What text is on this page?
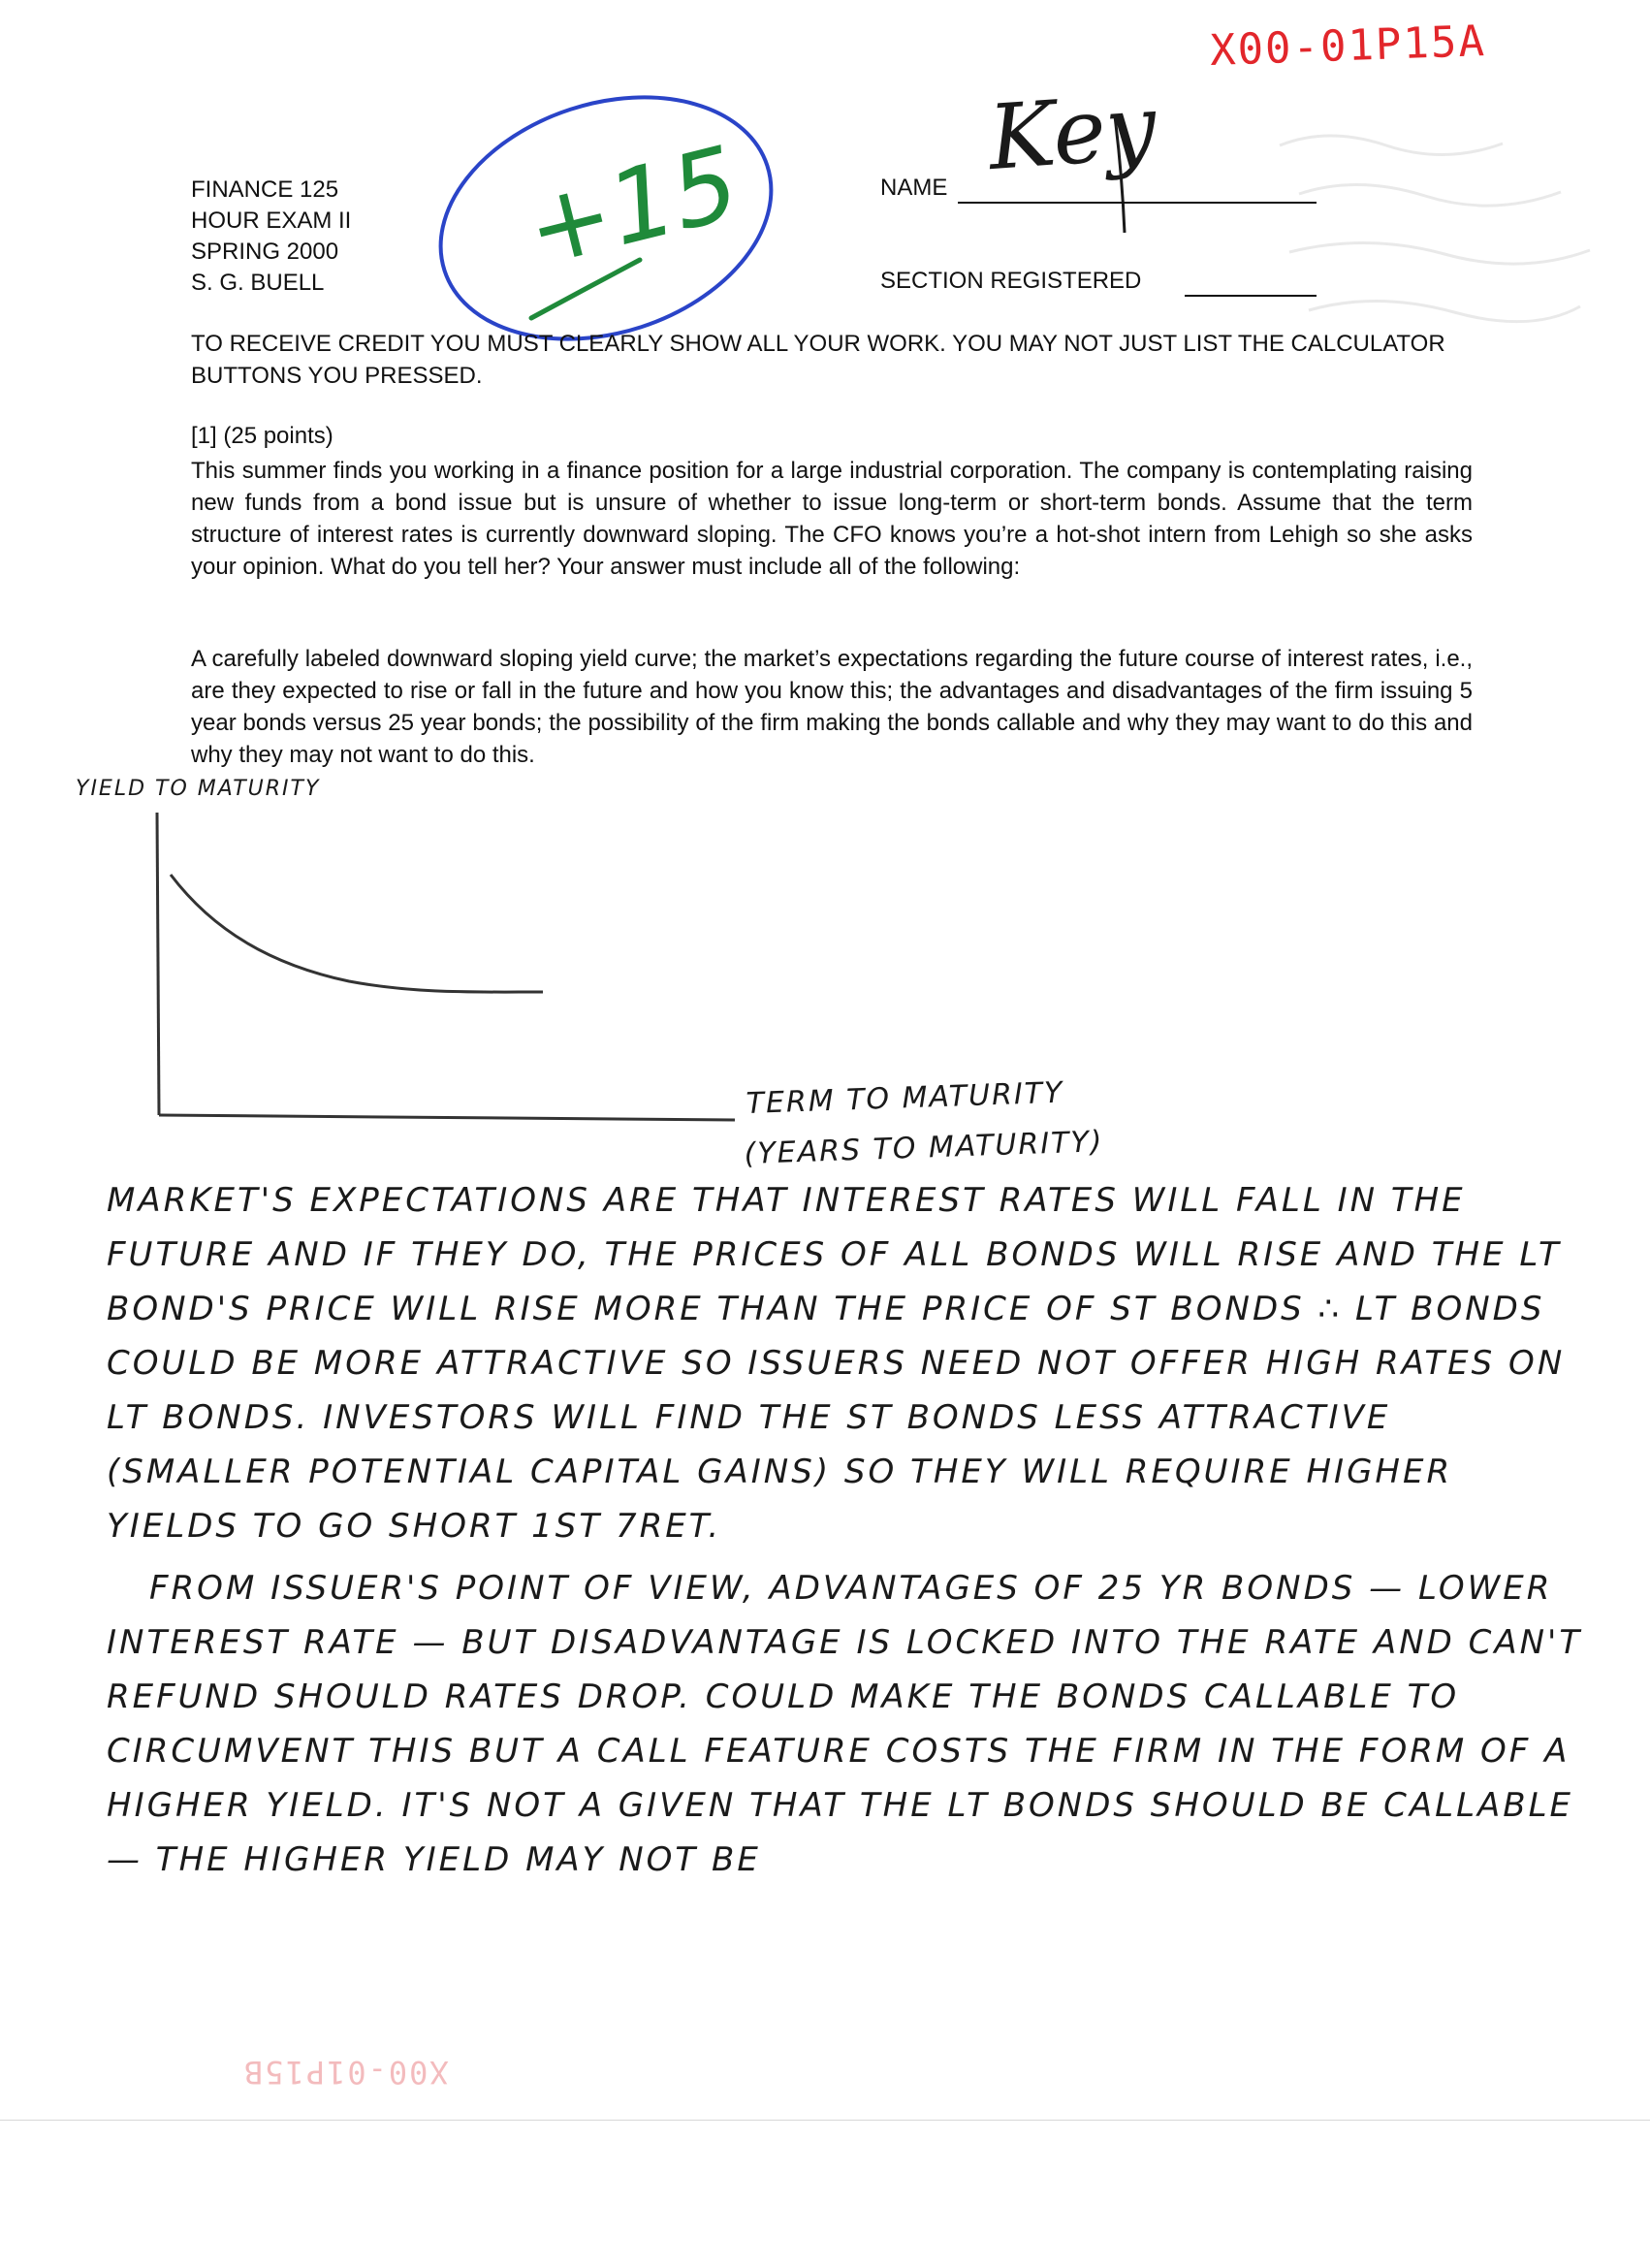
X00-01P15A
+15	Key
FINANCE 125
HOUR EXAM II
SPRING 2000
S. G. BUELL
NAME
SECTION REGISTERED
TO RECEIVE CREDIT YOU MUST CLEARLY SHOW ALL YOUR WORK. YOU MAY NOT JUST LIST THE CALCULATOR BUTTONS YOU PRESSED.
[1] (25 points)
This summer finds you working in a finance position for a large industrial corporation. The company is contemplating raising new funds from a bond issue but is unsure of whether to issue long-term or short-term bonds. Assume that the term structure of interest rates is currently downward sloping. The CFO knows you’re a hot-shot intern from Lehigh so she asks your opinion. What do you tell her? Your answer must include all of the following:
A carefully labeled downward sloping yield curve; the market’s expectations regarding the future course of interest rates, i.e., are they expected to rise or fall in the future and how you know this; the advantages and disadvantages of the firm issuing 5 year bonds versus 25 year bonds; the possibility of the firm making the bonds callable and why they may want to do this and why they may not want to do this.
YIELD TO MATURITY
TERM TO MATURITY
(YEARS TO MATURITY)

MARKET'S EXPECTATIONS ARE THAT INTEREST RATES WILL FALL IN THE FUTURE AND IF THEY DO, THE PRICES OF ALL BONDS WILL RISE AND THE LT BOND'S PRICE WILL RISE MORE THAN THE PRICE OF ST BONDS ∴ LT BONDS COULD BE MORE ATTRACTIVE SO ISSUERS NEED NOT OFFER HIGH RATES ON LT BONDS. INVESTORS WILL FIND THE ST BONDS LESS ATTRACTIVE (SMALLER POTENTIAL CAPITAL GAINS) SO THEY WILL REQUIRE HIGHER YIELDS TO GO SHORT 1ST 7RET.

FROM ISSUER'S POINT OF VIEW, ADVANTAGES OF 25 YR BONDS — LOWER INTEREST RATE — BUT DISADVANTAGE IS LOCKED INTO THE RATE AND CAN'T REFUND SHOULD RATES DROP. COULD MAKE THE BONDS CALLABLE TO CIRCUMVENT THIS BUT A CALL FEATURE COSTS THE FIRM IN THE FORM OF A HIGHER YIELD. IT'S NOT A GIVEN THAT THE LT BONDS SHOULD BE CALLABLE — THE HIGHER YIELD MAY NOT BE

X00-01P15B
